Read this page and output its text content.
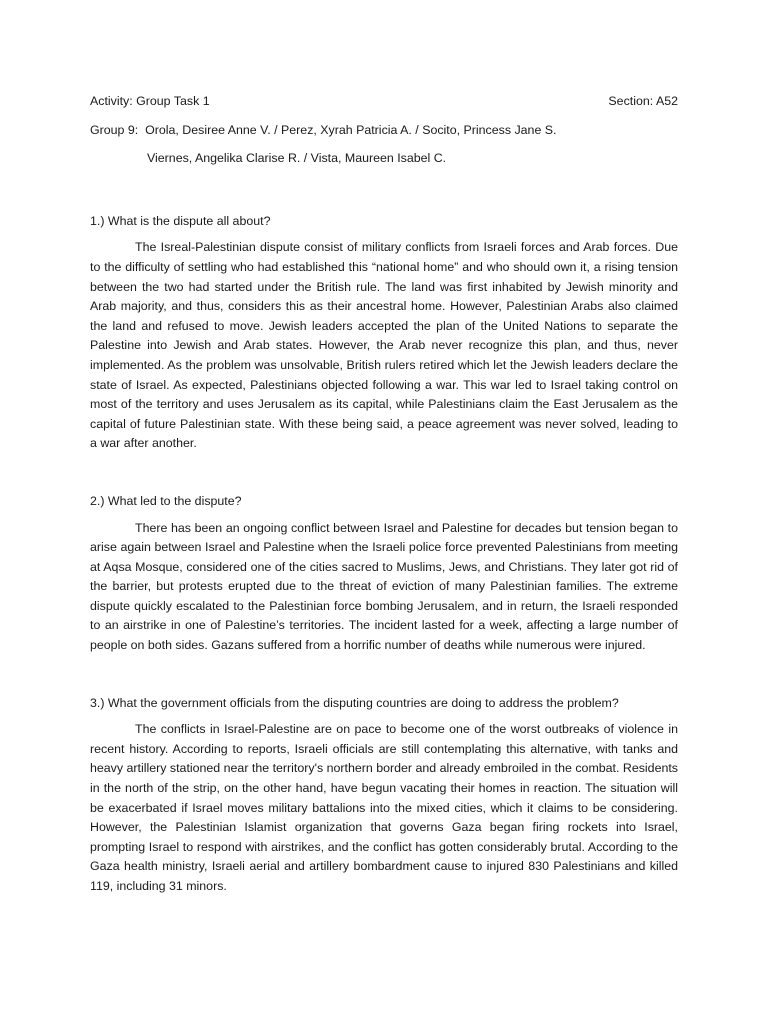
Activity: Group Task 1	Section: A52
Group 9: Orola, Desiree Anne V. / Perez, Xyrah Patricia A. / Socito, Princess Jane S.
Viernes, Angelika Clarise R. / Vista, Maureen Isabel C.
1.) What is the dispute all about?
The Isreal-Palestinian dispute consist of military conflicts from Israeli forces and Arab forces. Due to the difficulty of settling who had established this “national home” and who should own it, a rising tension between the two had started under the British rule. The land was first inhabited by Jewish minority and Arab majority, and thus, considers this as their ancestral home. However, Palestinian Arabs also claimed the land and refused to move. Jewish leaders accepted the plan of the United Nations to separate the Palestine into Jewish and Arab states. However, the Arab never recognize this plan, and thus, never implemented. As the problem was unsolvable, British rulers retired which let the Jewish leaders declare the state of Israel. As expected, Palestinians objected following a war. This war led to Israel taking control on most of the territory and uses Jerusalem as its capital, while Palestinians claim the East Jerusalem as the capital of future Palestinian state. With these being said, a peace agreement was never solved, leading to a war after another.
2.) What led to the dispute?
There has been an ongoing conflict between Israel and Palestine for decades but tension began to arise again between Israel and Palestine when the Israeli police force prevented Palestinians from meeting at Aqsa Mosque, considered one of the cities sacred to Muslims, Jews, and Christians. They later got rid of the barrier, but protests erupted due to the threat of eviction of many Palestinian families. The extreme dispute quickly escalated to the Palestinian force bombing Jerusalem, and in return, the Israeli responded to an airstrike in one of Palestine’s territories. The incident lasted for a week, affecting a large number of people on both sides. Gazans suffered from a horrific number of deaths while numerous were injured.
3.) What the government officials from the disputing countries are doing to address the problem?
The conflicts in Israel-Palestine are on pace to become one of the worst outbreaks of violence in recent history. According to reports, Israeli officials are still contemplating this alternative, with tanks and heavy artillery stationed near the territory's northern border and already embroiled in the combat. Residents in the north of the strip, on the other hand, have begun vacating their homes in reaction. The situation will be exacerbated if Israel moves military battalions into the mixed cities, which it claims to be considering. However, the Palestinian Islamist organization that governs Gaza began firing rockets into Israel, prompting Israel to respond with airstrikes, and the conflict has gotten considerably brutal. According to the Gaza health ministry, Israeli aerial and artillery bombardment cause to injured 830 Palestinians and killed 119, including 31 minors.
